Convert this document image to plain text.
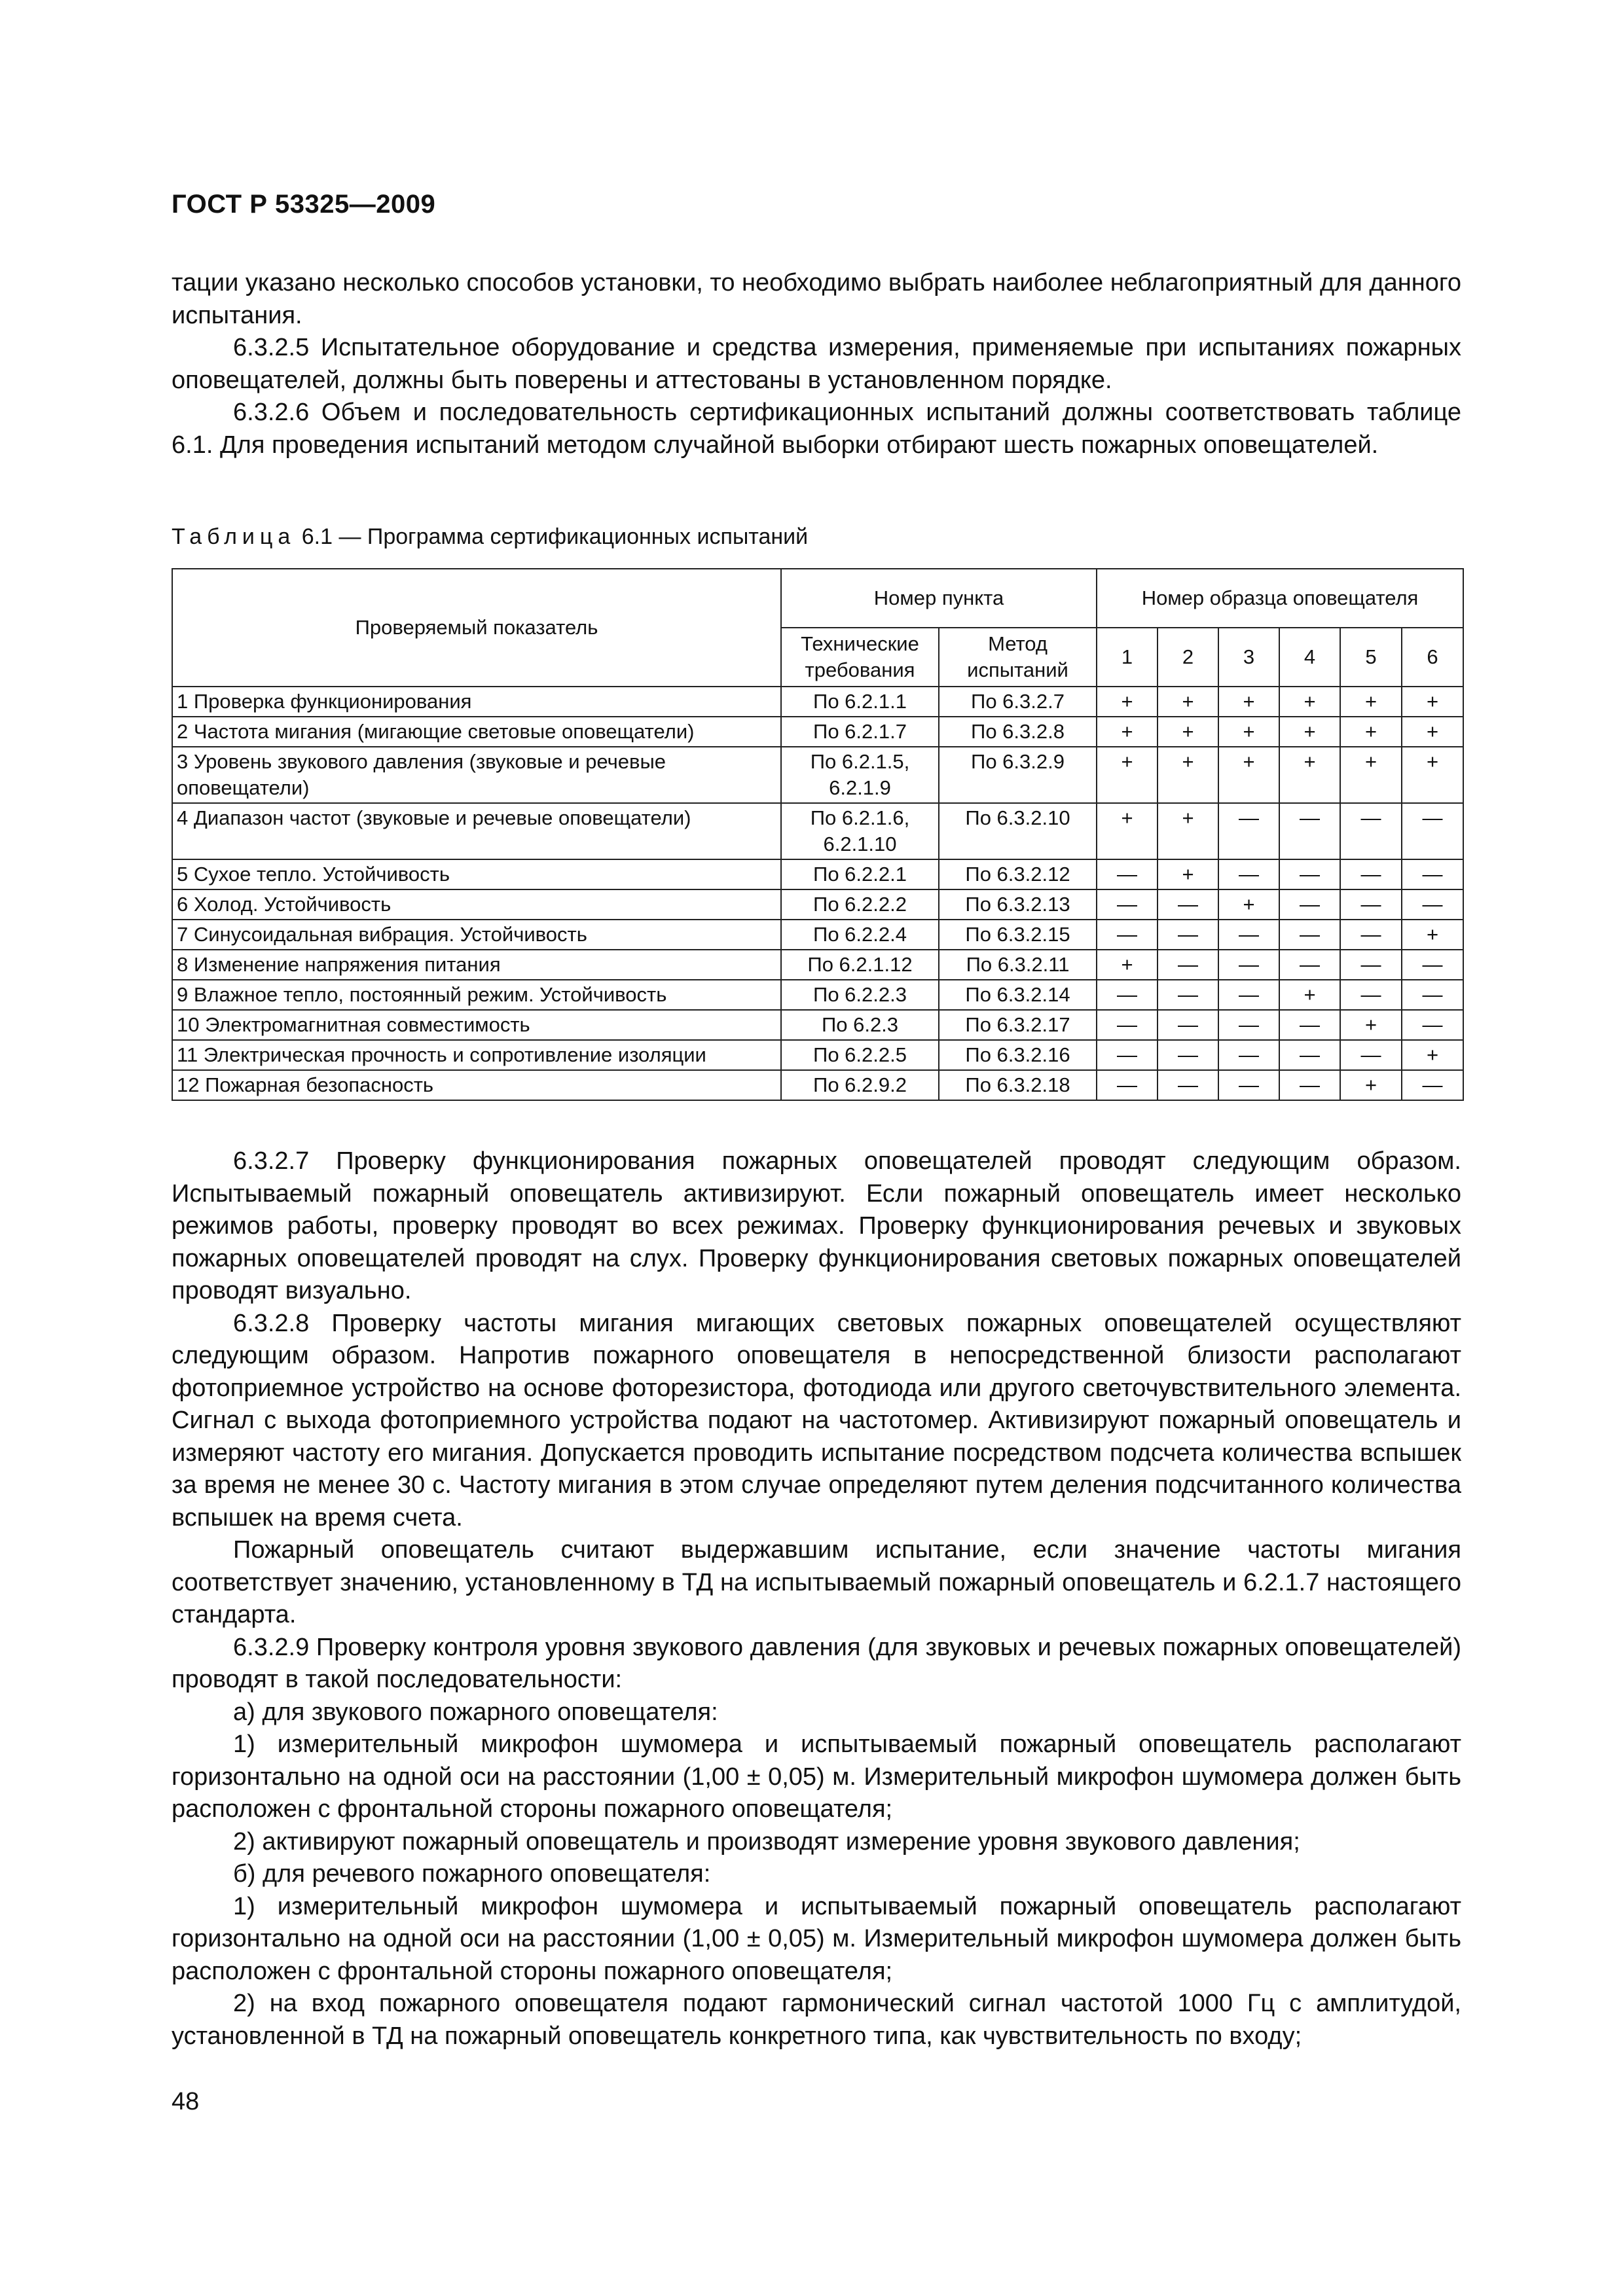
ГОСТ Р 53325—2009

тации указано несколько способов установки, то необходимо выбрать наиболее неблагоприятный для данного испытания.

6.3.2.5 Испытательное оборудование и средства измерения, применяемые при испытаниях пожарных оповещателей, должны быть поверены и аттестованы в установленном порядке.

6.3.2.6 Объем и последовательность сертификационных испытаний должны соответствовать таблице 6.1. Для проведения испытаний методом случайной выборки отбирают шесть пожарных оповещателей.

Таблица 6.1 — Программа сертификационных испытаний
Проверяемый показатель	Номер пункта		Номер образца оповещателя					
	Технические требования	Метод испытаний	1	2	3	4	5	6
1 Проверка функционирования	По 6.2.1.1	По 6.3.2.7	+	+	+	+	+	+
2 Частота мигания (мигающие световые оповещатели)	По 6.2.1.7	По 6.3.2.8	+	+	+	+	+	+
3 Уровень звукового давления (звуковые и речевые оповещатели)	По 6.2.1.5, 6.2.1.9	По 6.3.2.9	+	+	+	+	+	+
4 Диапазон частот (звуковые и речевые оповещатели)	По 6.2.1.6, 6.2.1.10	По 6.3.2.10	+	+	—	—	—	—
5 Сухое тепло. Устойчивость	По 6.2.2.1	По 6.3.2.12	—	+	—	—	—	—
6 Холод. Устойчивость	По 6.2.2.2	По 6.3.2.13	—	—	+	—	—	—
7 Синусоидальная вибрация. Устойчивость	По 6.2.2.4	По 6.3.2.15	—	—	—	—	—	+
8 Изменение напряжения питания	По 6.2.1.12	По 6.3.2.11	+	—	—	—	—	—
9 Влажное тепло, постоянный режим. Устойчивость	По 6.2.2.3	По 6.3.2.14	—	—	—	+	—	—
10 Электромагнитная совместимость	По 6.2.3	По 6.3.2.17	—	—	—	—	+	—
11 Электрическая прочность и сопротивление изоляции	По 6.2.2.5	По 6.3.2.16	—	—	—	—	—	+
12 Пожарная безопасность	По 6.2.9.2	По 6.3.2.18	—	—	—	—	+	—

6.3.2.7 Проверку функционирования пожарных оповещателей проводят следующим образом. Испытываемый пожарный оповещатель активизируют. Если пожарный оповещатель имеет несколько режимов работы, проверку проводят во всех режимах. Проверку функционирования речевых и звуковых пожарных оповещателей проводят на слух. Проверку функционирования световых пожарных оповещателей проводят визуально.

6.3.2.8 Проверку частоты мигания мигающих световых пожарных оповещателей осуществляют следующим образом. Напротив пожарного оповещателя в непосредственной близости располагают фотоприемное устройство на основе фоторезистора, фотодиода или другого светочувствительного элемента. Сигнал с выхода фотоприемного устройства подают на частотомер. Активизируют пожарный оповещатель и измеряют частоту его мигания. Допускается проводить испытание посредством подсчета количества вспышек за время не менее 30 с. Частоту мигания в этом случае определяют путем деления подсчитанного количества вспышек на время счета.

Пожарный оповещатель считают выдержавшим испытание, если значение частоты мигания соответствует значению, установленному в ТД на испытываемый пожарный оповещатель и 6.2.1.7 настоящего стандарта.

6.3.2.9 Проверку контроля уровня звукового давления (для звуковых и речевых пожарных оповещателей) проводят в такой последовательности:

а) для звукового пожарного оповещателя:

1) измерительный микрофон шумомера и испытываемый пожарный оповещатель располагают горизонтально на одной оси на расстоянии (1,00 ± 0,05) м. Измерительный микрофон шумомера должен быть расположен с фронтальной стороны пожарного оповещателя;

2) активируют пожарный оповещатель и производят измерение уровня звукового давления;

б) для речевого пожарного оповещателя:

1) измерительный микрофон шумомера и испытываемый пожарный оповещатель располагают горизонтально на одной оси на расстоянии (1,00 ± 0,05) м. Измерительный микрофон шумомера должен быть расположен с фронтальной стороны пожарного оповещателя;

2) на вход пожарного оповещателя подают гармонический сигнал частотой 1000 Гц с амплитудой, установленной в ТД на пожарный оповещатель конкретного типа, как чувствительность по входу;

48
